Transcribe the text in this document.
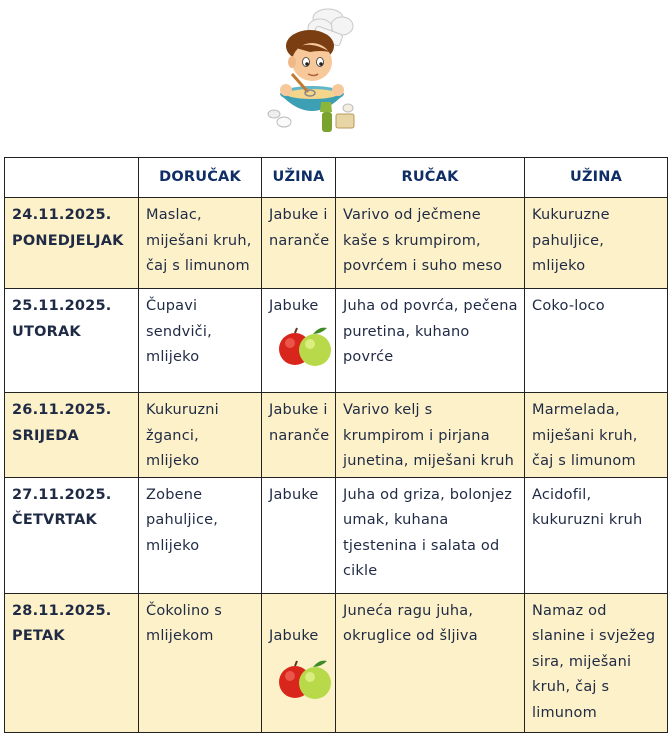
	DORUČAK	UŽINA	RUČAK	UŽINA

24.11.2025.
PONEDJELJAK	Maslac, miješani kruh, čaj s limunom	Jabuke i naranče	Varivo od ječmene kaše s krumpirom, povrćem i suho meso	Kukuruzne pahuljice, mlijeko

25.11.2025.
UTORAK	Čupavi sendviči, mlijeko	Jabuke	Juha od povrća, pečena puretina, kuhano povrće	Coko-loco

26.11.2025.
SRIJEDA	Kukuruzni žganci, mlijeko	Jabuke i naranče	Varivo kelj s krumpirom i pirjana junetina, miješani kruh	Marmelada, miješani kruh, čaj s limunom

27.11.2025.
ČETVRTAK	Zobene pahuljice, mlijeko	Jabuke	Juha od griza, bolonjez umak, kuhana tjestenina i salata od cikle	Acidofil, kukuruzni kruh

28.11.2025.
PETAK	Čokolino s mlijekom	Jabuke	Juneća ragu juha, okruglice od šljiva	Namaz od slanine i svježeg sira, miješani kruh, čaj s limunom
